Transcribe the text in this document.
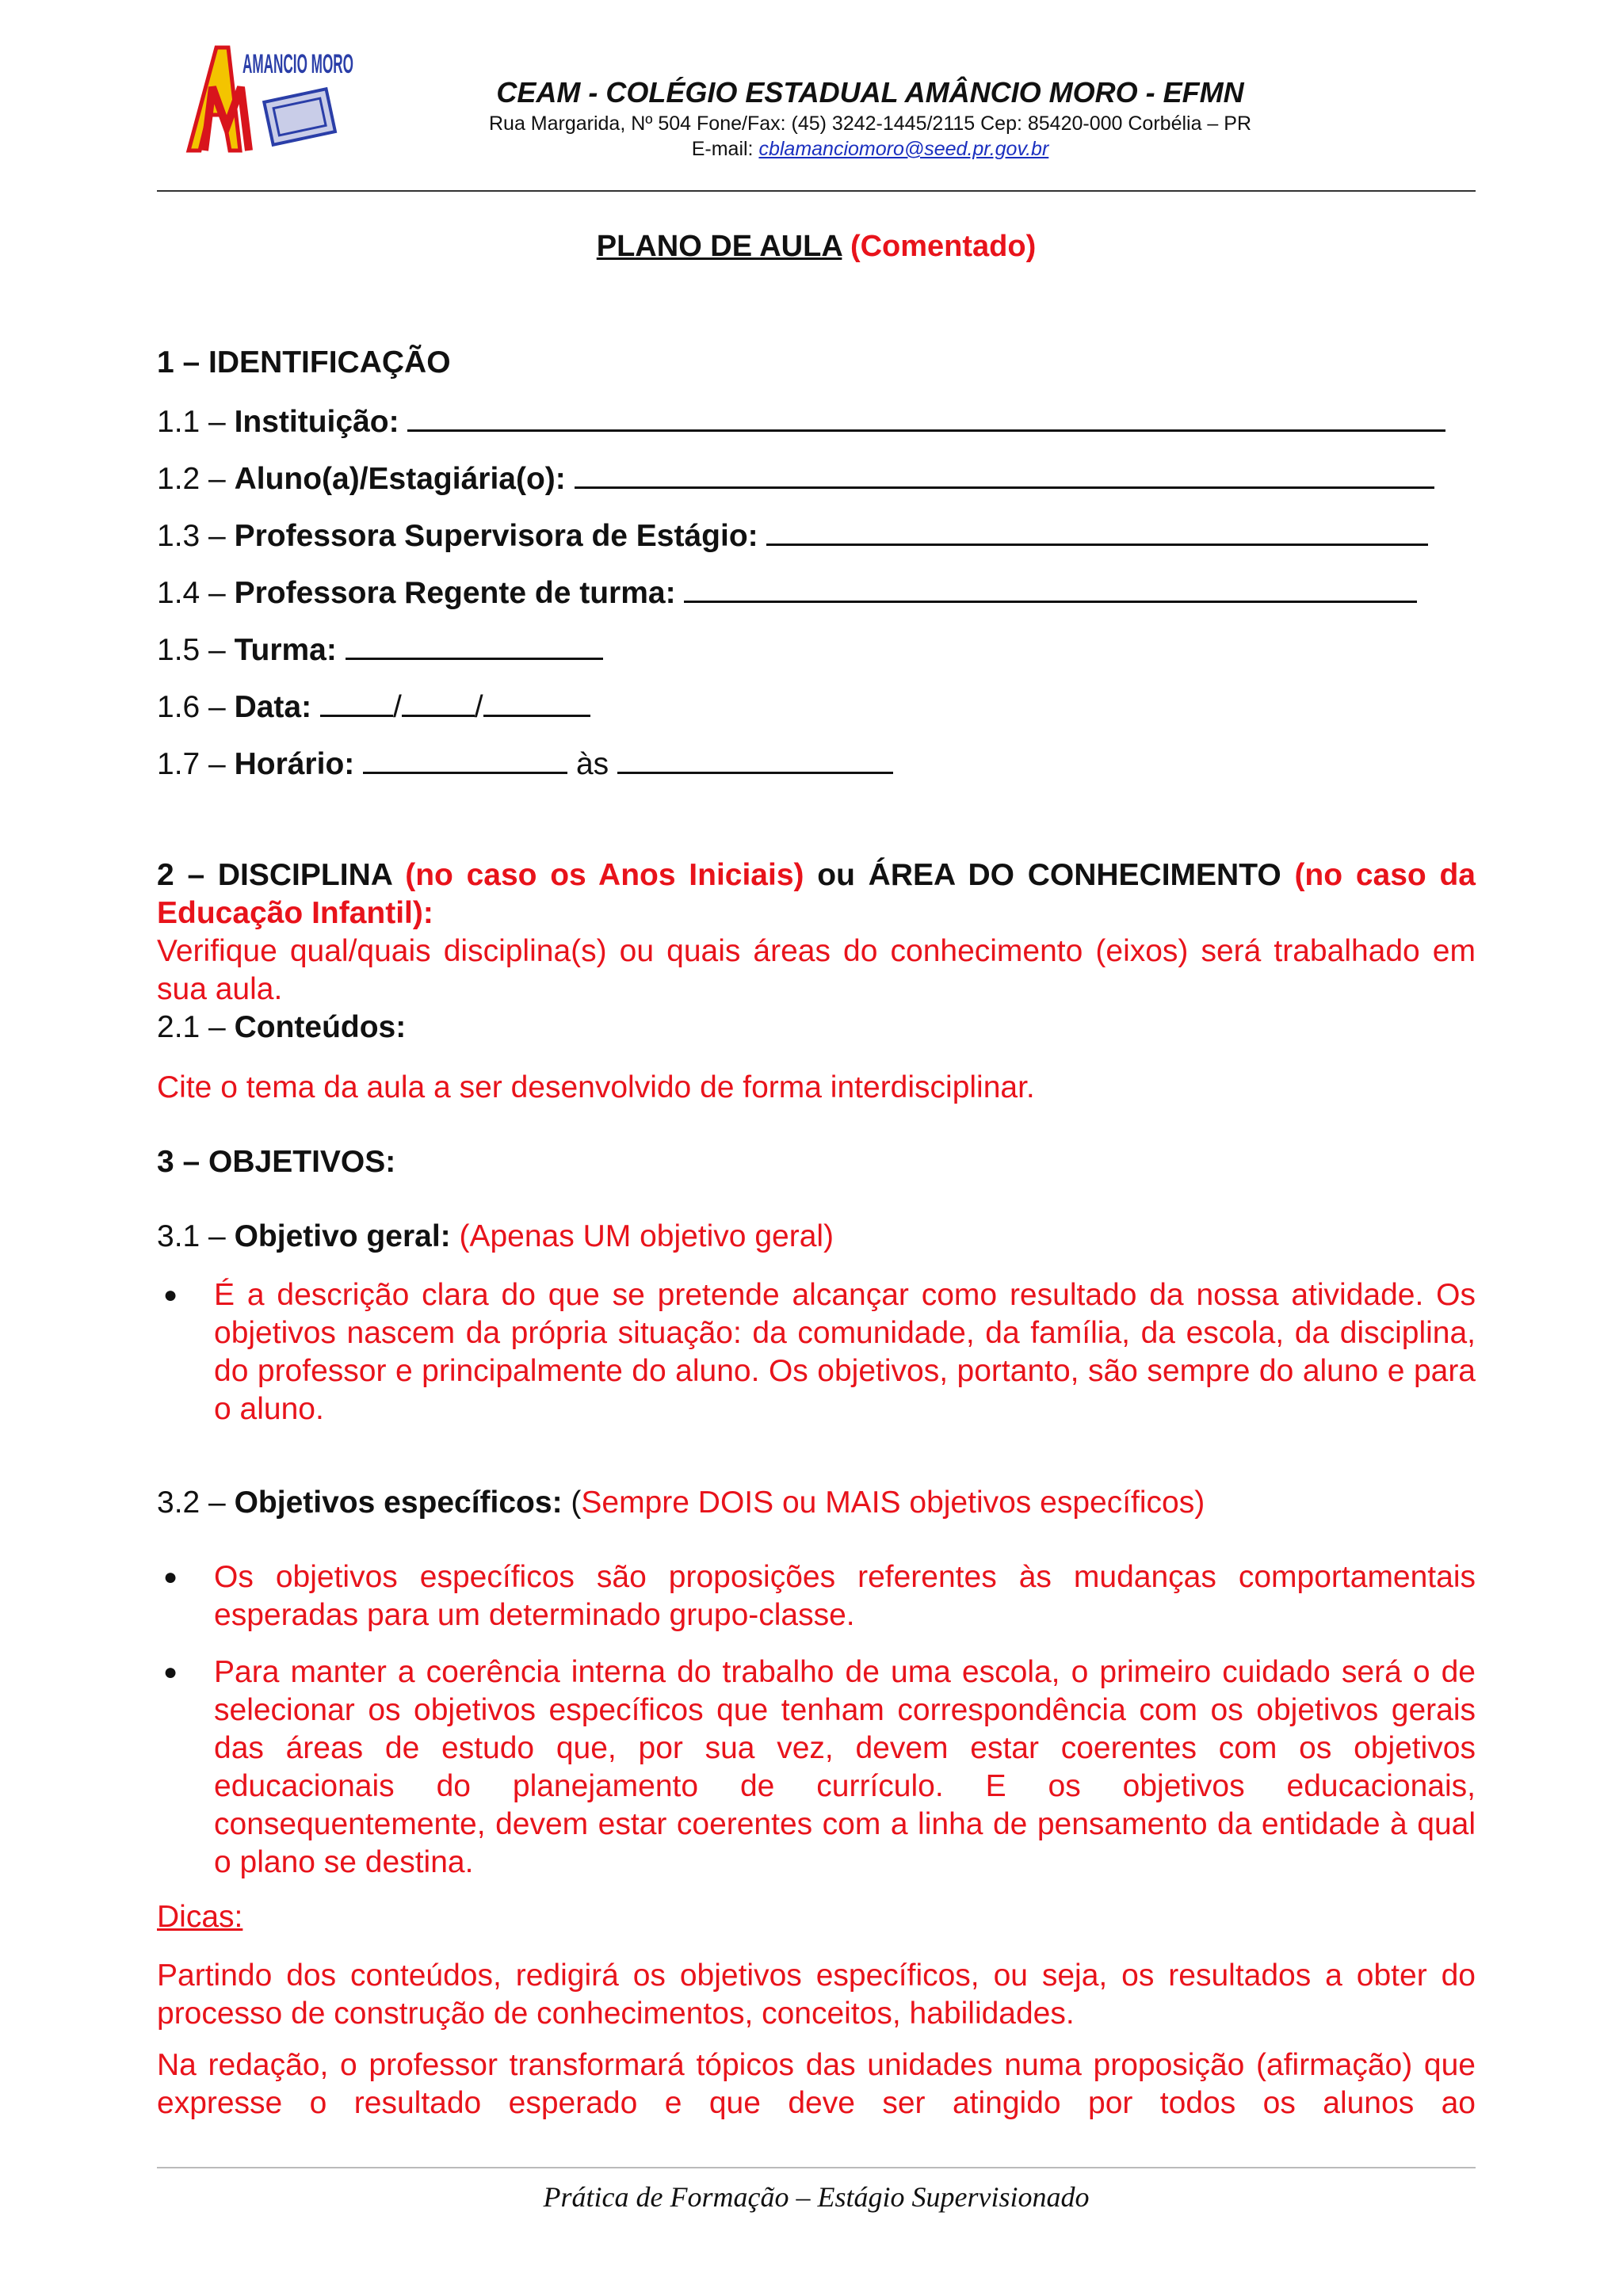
AMANCIO MORO
CEAM - COLÉGIO ESTADUAL AMÂNCIO MORO - EFMN
Rua Margarida, Nº 504 Fone/Fax: (45) 3242-1445/2115 Cep: 85420-000 Corbélia – PR
E-mail: cblamanciomoro@seed.pr.gov.br
PLANO DE AULA (Comentado)
1 – IDENTIFICAÇÃO
1.1 – Instituição:
1.2 – Aluno(a)/Estagiária(o):
1.3 – Professora Supervisora de Estágio:
1.4 – Professora Regente de turma:
1.5 – Turma:
1.6 – Data:	/ /
1.7 – Horário:	às
2 – DISCIPLINA (no caso os Anos Iniciais) ou ÁREA DO CONHECIMENTO (no caso da Educação Infantil):
Verifique qual/quais disciplina(s) ou quais áreas do conhecimento (eixos) será trabalhado em sua aula.
2.1 – Conteúdos:
Cite o tema da aula a ser desenvolvido de forma interdisciplinar.
3 – OBJETIVOS:
3.1 – Objetivo geral: (Apenas UM objetivo geral)
● É a descrição clara do que se pretende alcançar como resultado da nossa atividade. Os objetivos nascem da própria situação: da comunidade, da família, da escola, da disciplina, do professor e principalmente do aluno. Os objetivos, portanto, são sempre do aluno e para o aluno.
3.2 – Objetivos específicos: (Sempre DOIS ou MAIS objetivos específicos)
● Os objetivos específicos são proposições referentes às mudanças comportamentais esperadas para um determinado grupo-classe.
● Para manter a coerência interna do trabalho de uma escola, o primeiro cuidado será o de selecionar os objetivos específicos que tenham correspondência com os objetivos gerais das áreas de estudo que, por sua vez, devem estar coerentes com os objetivos educacionais do planejamento de currículo. E os objetivos educacionais, consequentemente, devem estar coerentes com a linha de pensamento da entidade à qual o plano se destina.
Dicas:
Partindo dos conteúdos, redigirá os objetivos específicos, ou seja, os resultados a obter do processo de construção de conhecimentos, conceitos, habilidades.
Na redação, o professor transformará tópicos das unidades numa proposição (afirmação) que expresse o resultado esperado e que deve ser atingido por todos os alunos ao
Prática de Formação – Estágio Supervisionado
